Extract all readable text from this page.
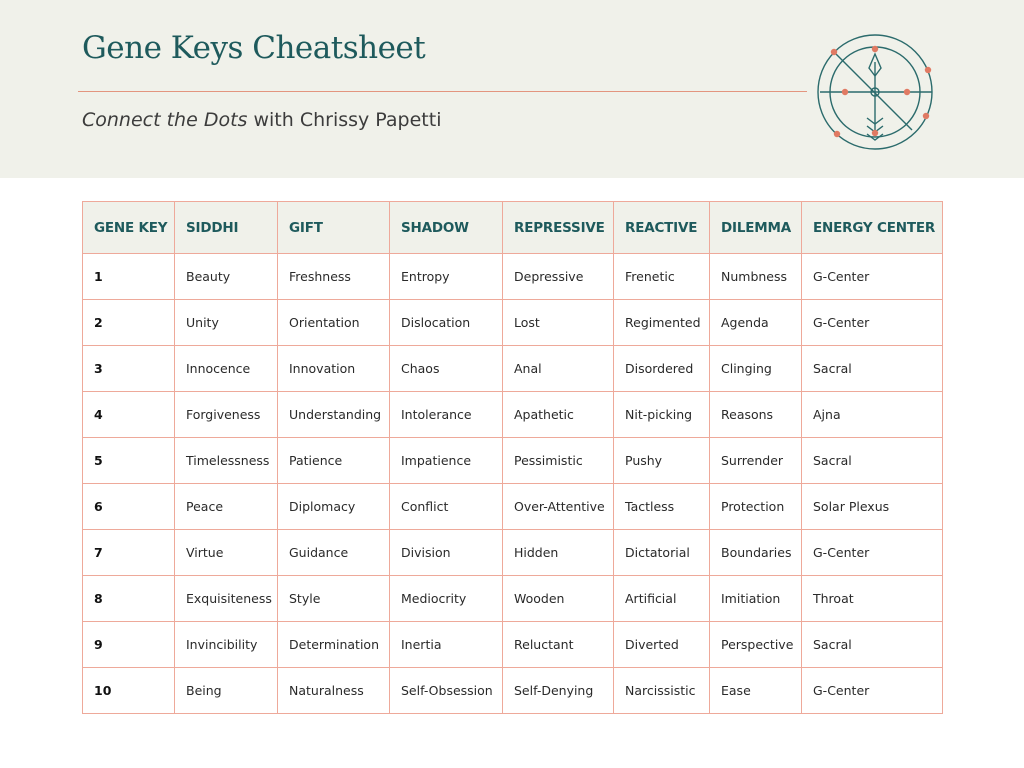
Gene Keys Cheatsheet
Connect the Dots with Chrissy Papetti
GENE KEY	SIDDHI	GIFT	SHADOW	REPRESSIVE	REACTIVE	DILEMMA	ENERGY CENTER
1	Beauty	Freshness	Entropy	Depressive	Frenetic	Numbness	G-Center
2	Unity	Orientation	Dislocation	Lost	Regimented	Agenda	G-Center
3	Innocence	Innovation	Chaos	Anal	Disordered	Clinging	Sacral
4	Forgiveness	Understanding	Intolerance	Apathetic	Nit-picking	Reasons	Ajna
5	Timelessness	Patience	Impatience	Pessimistic	Pushy	Surrender	Sacral
6	Peace	Diplomacy	Conflict	Over-Attentive	Tactless	Protection	Solar Plexus
7	Virtue	Guidance	Division	Hidden	Dictatorial	Boundaries	G-Center
8	Exquisiteness	Style	Mediocrity	Wooden	Artificial	Imitiation	Throat
9	Invincibility	Determination	Inertia	Reluctant	Diverted	Perspective	Sacral
10	Being	Naturalness	Self-Obsession	Self-Denying	Narcissistic	Ease	G-Center
